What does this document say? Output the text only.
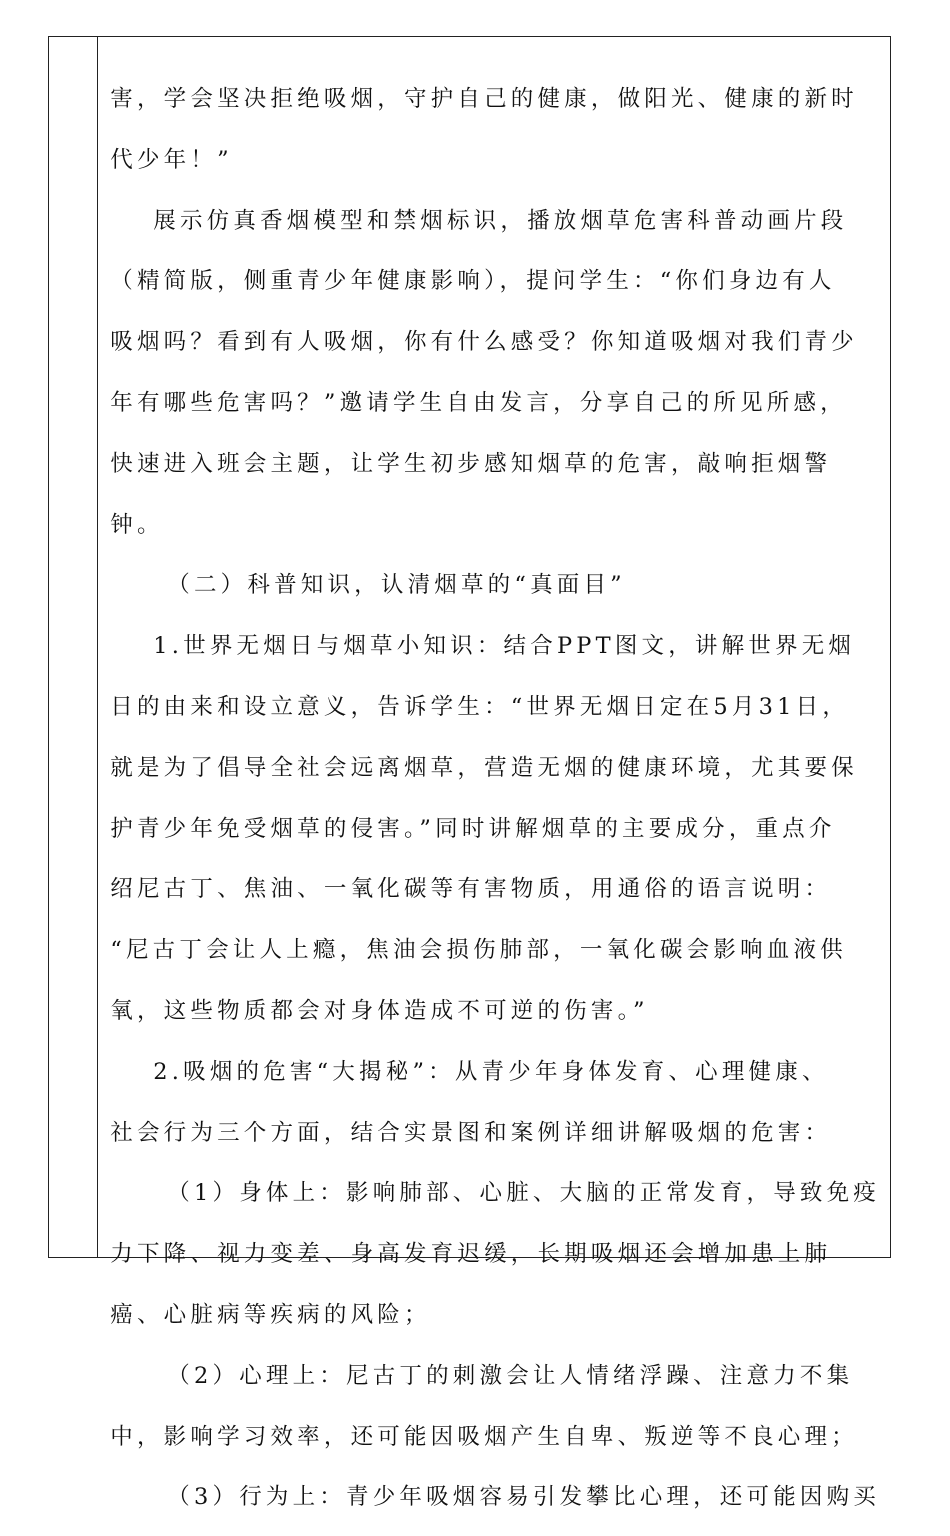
害，学会坚决拒绝吸烟，守护自己的健康，做阳光、健康的新时
代少年！”
展示仿真香烟模型和禁烟标识，播放烟草危害科普动画片段
（精简版，侧重青少年健康影响），提问学生：“你们身边有人
吸烟吗？看到有人吸烟，你有什么感受？你知道吸烟对我们青少
年有哪些危害吗？”邀请学生自由发言，分享自己的所见所感，
快速进入班会主题，让学生初步感知烟草的危害，敲响拒烟警
钟。
（二）科普知识，认清烟草的“真面目”
1.世界无烟日与烟草小知识：结合PPT图文，讲解世界无烟
日的由来和设立意义，告诉学生：“世界无烟日定在5月31日，
就是为了倡导全社会远离烟草，营造无烟的健康环境，尤其要保
护青少年免受烟草的侵害。”同时讲解烟草的主要成分，重点介
绍尼古丁、焦油、一氧化碳等有害物质，用通俗的语言说明：
“尼古丁会让人上瘾，焦油会损伤肺部，一氧化碳会影响血液供
氧，这些物质都会对身体造成不可逆的伤害。”
2.吸烟的危害“大揭秘”：从青少年身体发育、心理健康、
社会行为三个方面，结合实景图和案例详细讲解吸烟的危害：
（1）身体上：影响肺部、心脏、大脑的正常发育，导致免疫
力下降、视力变差、身高发育迟缓，长期吸烟还会增加患上肺
癌、心脏病等疾病的风险；
（2）心理上：尼古丁的刺激会让人情绪浮躁、注意力不集
中，影响学习效率，还可能因吸烟产生自卑、叛逆等不良心理；
（3）行为上：青少年吸烟容易引发攀比心理，还可能因购买
